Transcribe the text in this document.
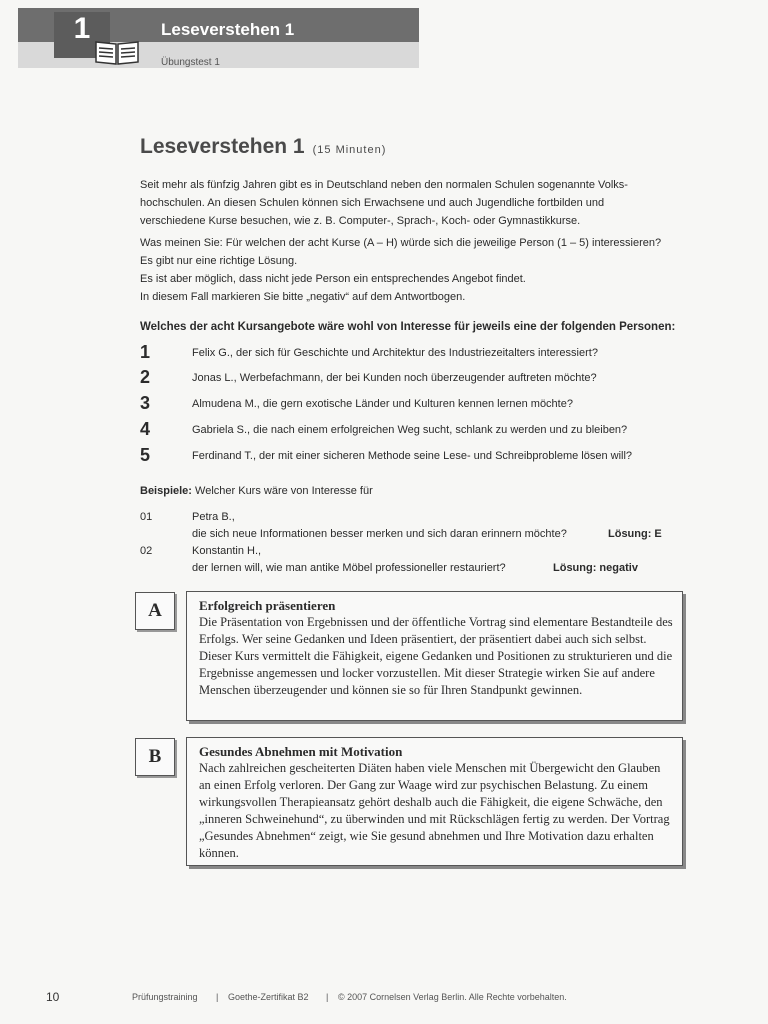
1	Leseverstehen 1
Übungstest 1
Leseverstehen 1 (15 Minuten)
Seit mehr als fünfzig Jahren gibt es in Deutschland neben den normalen Schulen sogenannte Volks-
hochschulen. An diesen Schulen können sich Erwachsene und auch Jugendliche fortbilden und
verschiedene Kurse besuchen, wie z. B. Computer-, Sprach-, Koch- oder Gymnastikkurse.
Was meinen Sie: Für welchen der acht Kurse (A – H) würde sich die jeweilige Person (1 – 5) interessieren?
Es gibt nur eine richtige Lösung.
Es ist aber möglich, dass nicht jede Person ein entsprechendes Angebot findet.
In diesem Fall markieren Sie bitte „negativ“ auf dem Antwortbogen.
Welches der acht Kursangebote wäre wohl von Interesse für jeweils eine der folgenden Personen:
1	Felix G., der sich für Geschichte und Architektur des Industriezeitalters interessiert?
2	Jonas L., Werbefachmann, der bei Kunden noch überzeugender auftreten möchte?
3	Almudena M., die gern exotische Länder und Kulturen kennen lernen möchte?
4	Gabriela S., die nach einem erfolgreichen Weg sucht, schlank zu werden und zu bleiben?
5	Ferdinand T., der mit einer sicheren Methode seine Lese- und Schreibprobleme lösen will?
Beispiele: Welcher Kurs wäre von Interesse für
01	Petra B.,
die sich neue Informationen besser merken und sich daran erinnern möchte?	Lösung: E
02	Konstantin H.,
der lernen will, wie man antike Möbel professioneller restauriert?	Lösung: negativ
A	Erfolgreich präsentieren

Die Präsentation von Ergebnissen und der öffentliche Vortrag sind elementare Bestandteile des Erfolgs. Wer seine Gedanken und Ideen präsentiert, der präsentiert dabei auch sich selbst. Dieser Kurs vermittelt die Fähigkeit, eigene Gedanken und Positionen zu strukturieren und die Ergebnisse angemessen und locker vorzustellen. Mit dieser Strategie wirken Sie auf andere Menschen überzeugender und können sie so für Ihren Standpunkt gewinnen.

B	Gesundes Abnehmen mit Motivation

Nach zahlreichen gescheiterten Diäten haben viele Menschen mit Übergewicht den Glauben an einen Erfolg verloren. Der Gang zur Waage wird zur psychischen Belastung. Zu einem wirkungsvollen Therapieansatz gehört deshalb auch die Fähigkeit, die eigene Schwäche, den „inneren Schweinehund“, zu überwinden und mit Rückschlägen fertig zu werden. Der Vortrag „Gesundes Abnehmen“ zeigt, wie Sie gesund abnehmen und Ihre Motivation dazu erhalten können.

10	Prüfungstraining | Goethe-Zertifikat B2 | © 2007 Cornelsen Verlag Berlin. Alle Rechte vorbehalten.
